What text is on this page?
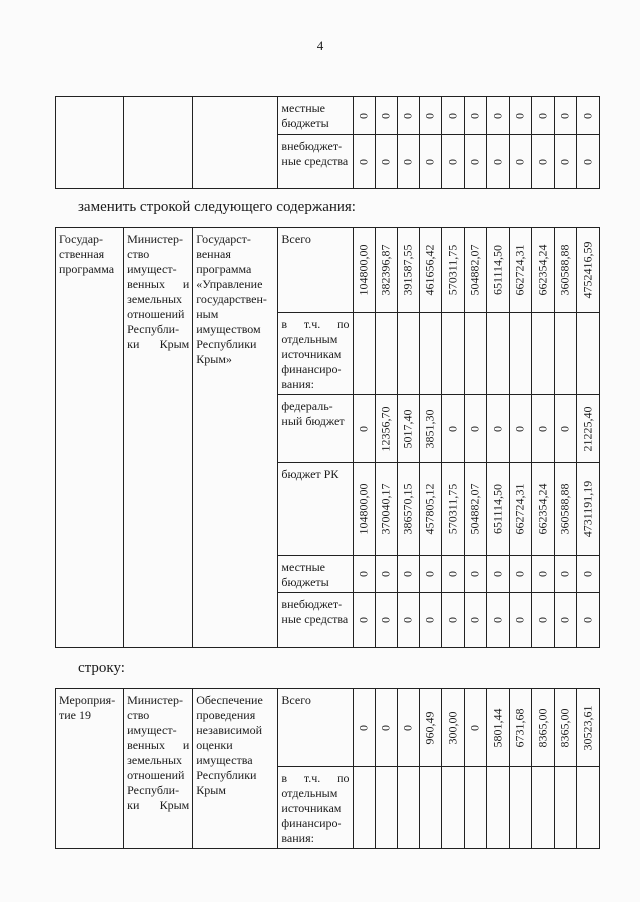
4
			местные бюджеты	0	0	0	0	0	0	0	0	0	0	0

			внебюджет-ные средства	0	0	0	0	0	0	0	0	0	0	0
заменить строкой следующего содержания:
Государ-ственная программа	Министер-ство имущест-венных и земельных отношений Республи-ки Крым	Государст-венная программа «Управление государствен-ным имуществом Республики Крым»	Всего	104800,00	382396,87	391587,55	461656,42	570311,75	504882,07	651114,50	662724,31	662354,24	360588,88	4752416,59

			в т.ч. по отдельным источникам финансиро-вания:											
			федераль-ный бюджет	0	12356,70	5017,40	3851,30	0	0	0	0	0	0	21225,40

			бюджет РК	104800,00	370040,17	386570,15	457805,12	570311,75	504882,07	651114,50	662724,31	662354,24	360588,88	4731191,19

			местные бюджеты	0	0	0	0	0	0	0	0	0	0	0

			внебюджет-ные средства	0	0	0	0	0	0	0	0	0	0	0
строку:
Мероприя-тие 19	Министер-ство имущест-венных и земельных отношений Республи-ки Крым	Обеспечение проведения независимой оценки имущества Республики Крым	Всего	0	0	0	960,49	300,00	0	5801,44	6731,68	8365,00	8365,00	30523,61

			в т.ч. по отдельным источникам финансиро-вания:											
